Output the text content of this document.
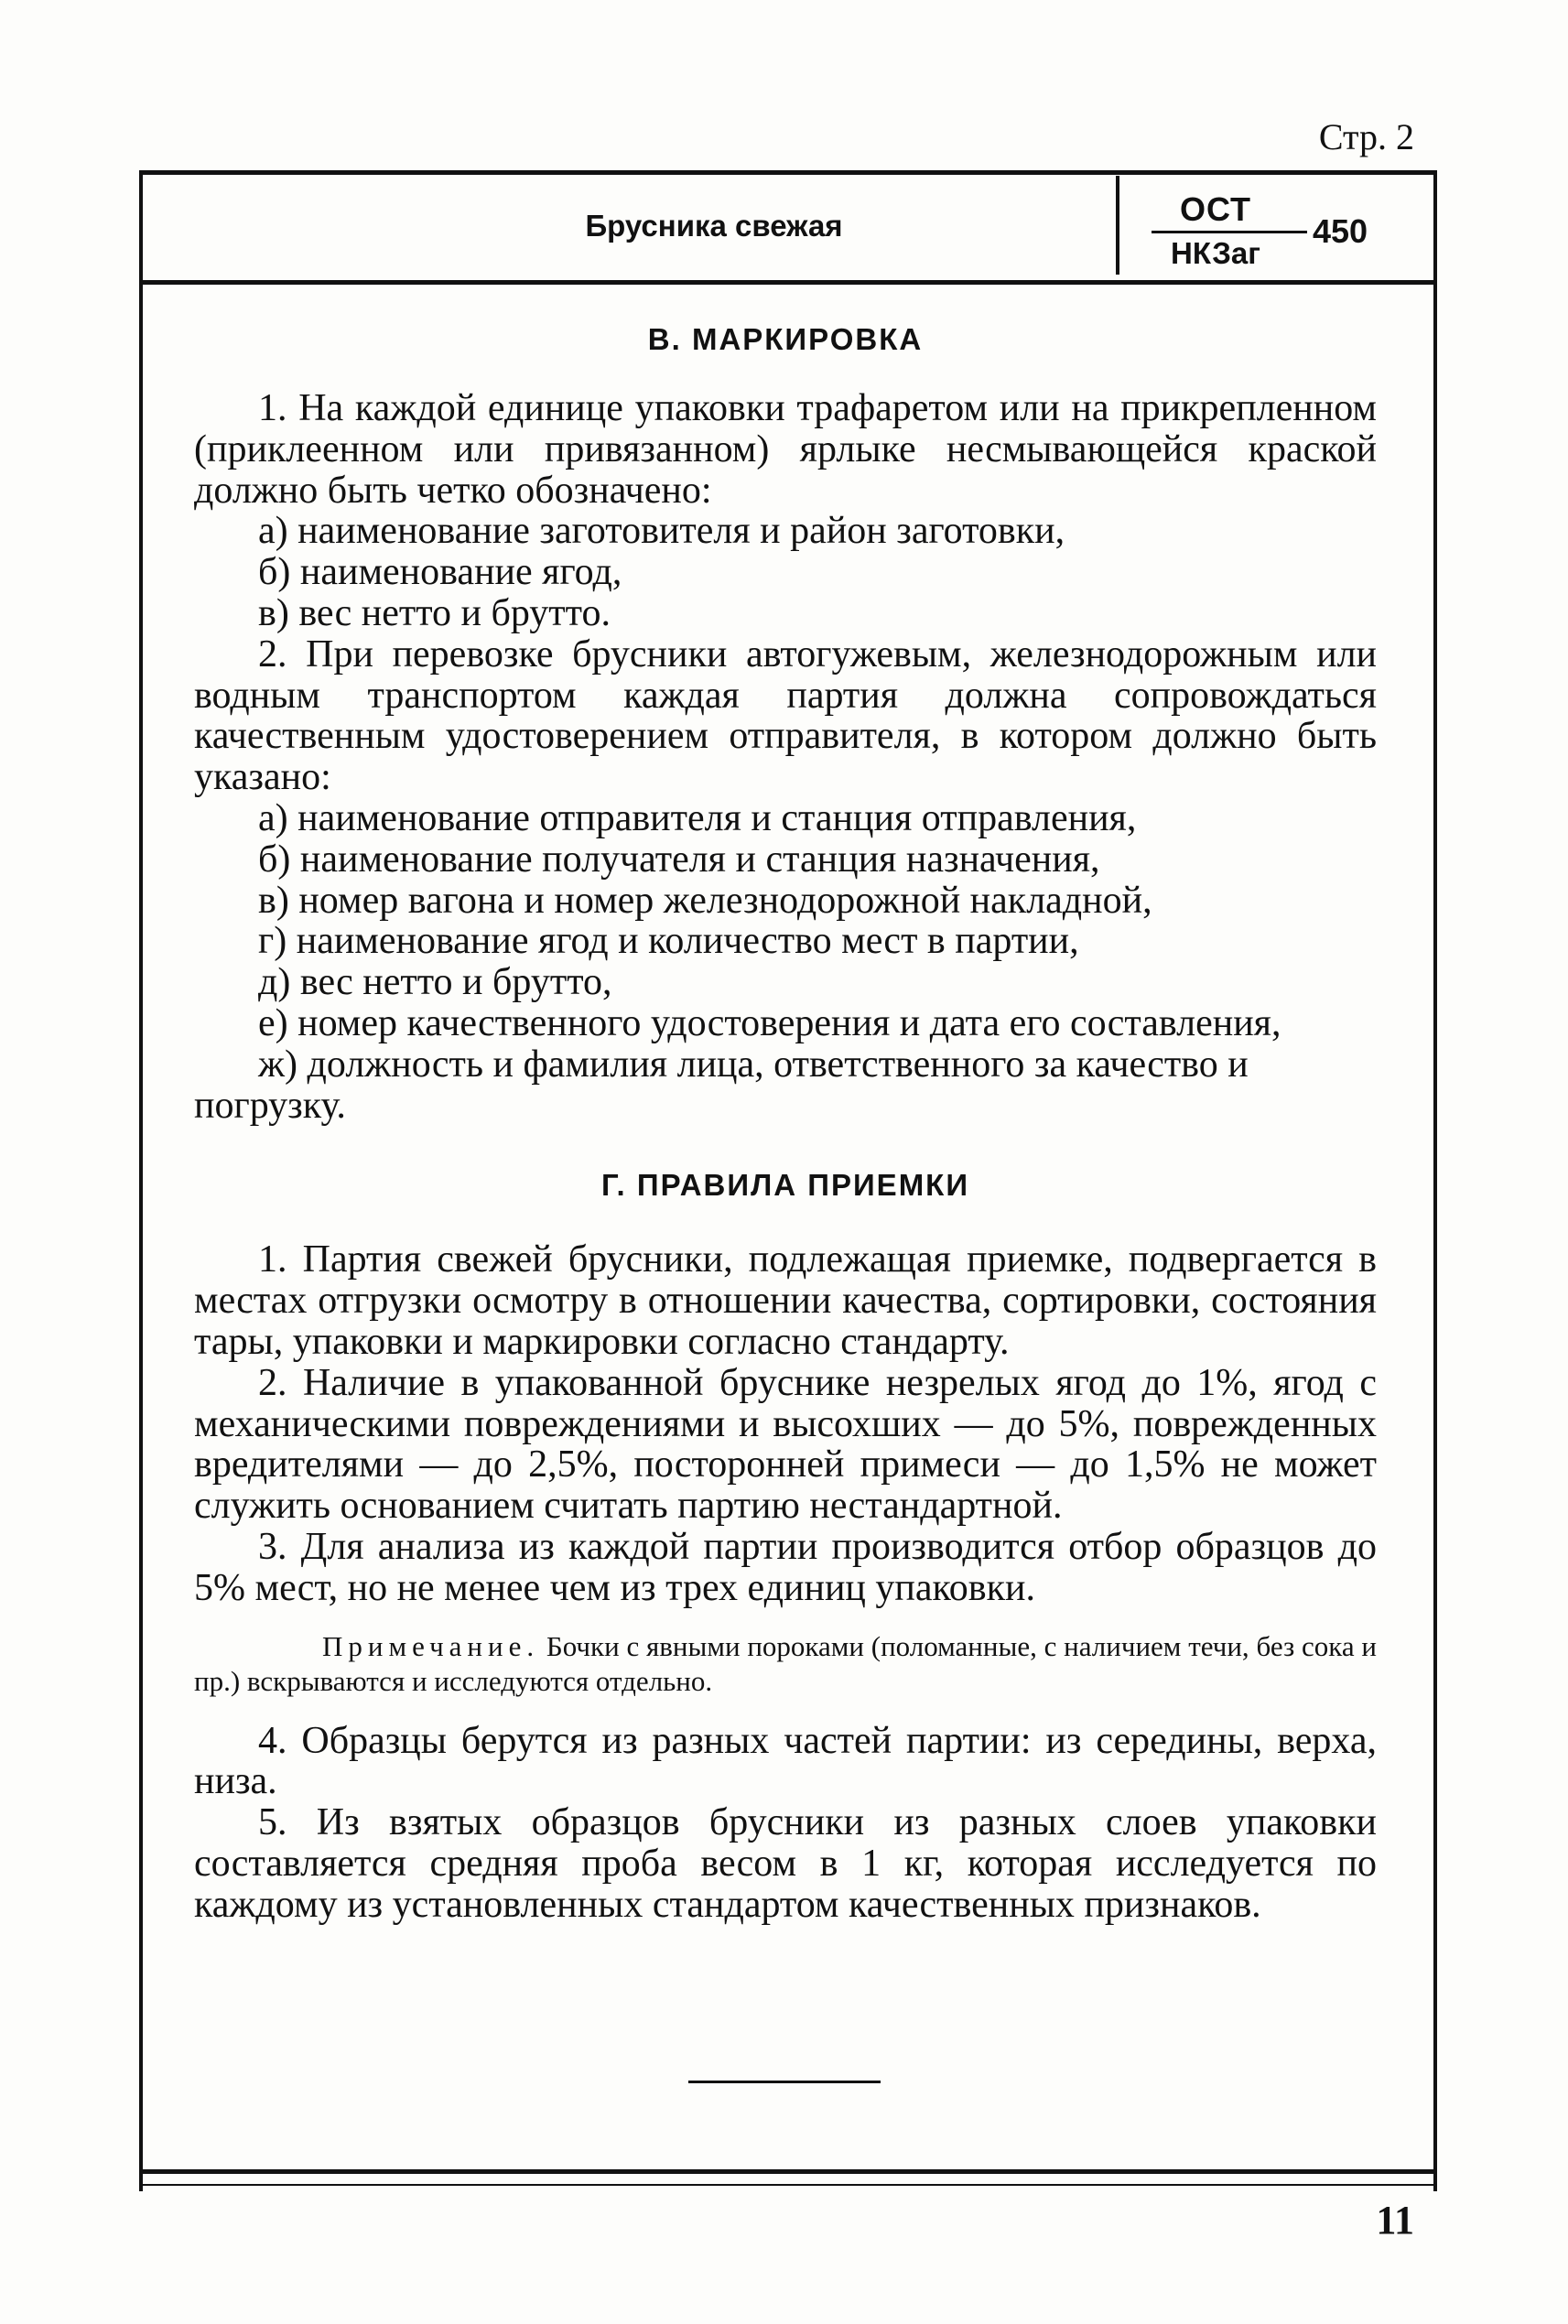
Стр. 2
Брусника свежая	ОСТ
НКЗаг
450
В. МАРКИРОВКА

1. На каждой единице упаковки трафаретом или на прикрепленном (приклеенном или привязанном) ярлыке несмывающейся краской должно быть четко обозначено:

а) наименование заготовителя и район заготовки,

б) наименование ягод,

в) вес нетто и брутто.

2. При перевозке брусники автогужевым, железнодорожным или водным транспортом каждая партия должна сопровождаться качественным удостоверением отправителя, в котором должно быть указано:

а) наименование отправителя и станция отправления,

б) наименование получателя и станция назначения,

в) номер вагона и номер железнодорожной накладной,

г) наименование ягод и количество мест в партии,

д) вес нетто и брутто,

е) номер качественного удостоверения и дата его составления,

ж) должность и фамилия лица, ответственного за качество и погрузку.

Г. ПРАВИЛА ПРИЕМКИ

1. Партия свежей брусники, подлежащая приемке, подвергается в местах отгрузки осмотру в отношении качества, сортировки, состояния тары, упаковки и маркировки согласно стандарту.

2. Наличие в упакованной бруснике незрелых ягод до 1%, ягод с механическими повреждениями и высохших — до 5%, поврежденных вредителями — до 2,5%, посторонней примеси — до 1,5% не может служить основанием считать партию нестандартной.

3. Для анализа из каждой партии производится отбор образцов до 5% мест, но не менее чем из трех единиц упаковки.

Примечание. Бочки с явными пороками (поломанные, с наличием течи, без сока и пр.) вскрываются и исследуются отдельно.

4. Образцы берутся из разных частей партии: из середины, верха, низа.

5. Из взятых образцов брусники из разных слоев упаковки составляется средняя проба весом в 1 кг, которая исследуется по каждому из установленных стандартом качественных признаков.

11
